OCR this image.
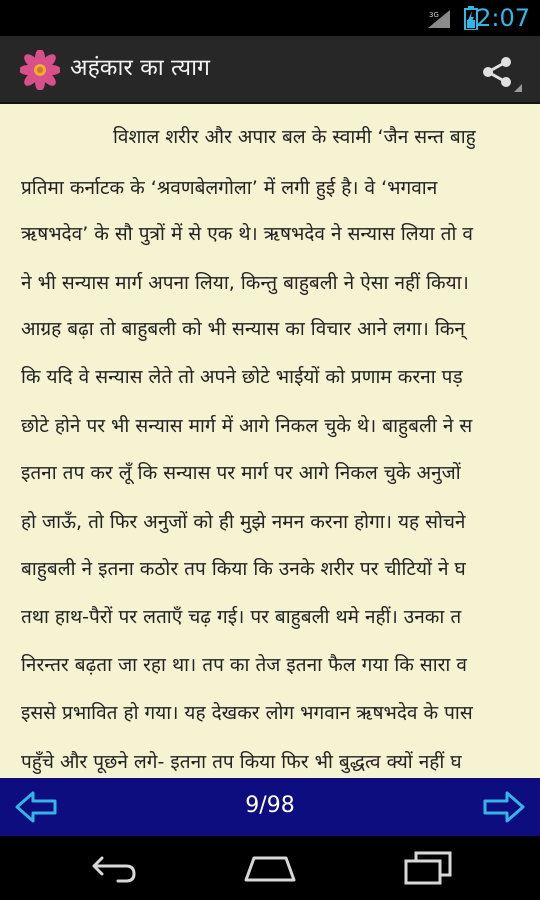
3G 2:07
अहंकार का त्याग
विशाल शरीर और अपार बल के स्वामी ‘जैन सन्त बाहु
प्रतिमा कर्नाटक के ‘श्रवणबेलगोला’ में लगी हुई है। वे ‘भगवान
ऋषभदेव’ के सौ पुत्रों में से एक थे। ऋषभदेव ने सन्यास लिया तो व
ने भी सन्यास मार्ग अपना लिया, किन्तु बाहुबली ने ऐसा नहीं किया।
आग्रह बढ़ा तो बाहुबली को भी सन्यास का विचार आने लगा। किन्
कि यदि वे सन्यास लेते तो अपने छोटे भाईयों को प्रणाम करना पड़
छोटे होने पर भी सन्यास मार्ग में आगे निकल चुके थे। बाहुबली ने स
इतना तप कर लूँ कि सन्यास पर मार्ग पर आगे निकल चुके अनुजों
हो जाऊँ, तो फिर अनुजों को ही मुझे नमन करना होगा। यह सोचने
बाहुबली ने इतना कठोर तप किया कि उनके शरीर पर चीटियों ने घ
तथा हाथ-पैरों पर लताएँ चढ़ गई। पर बाहुबली थमे नहीं। उनका त
निरन्तर बढ़ता जा रहा था। तप का तेज इतना फैल गया कि सारा व
इससे प्रभावित हो गया। यह देखकर लोग भगवान ऋषभदेव के पास
पहुँचे और पूछने लगे- इतना तप किया फिर भी बुद्धत्व क्यों नहीं घ
9/98
